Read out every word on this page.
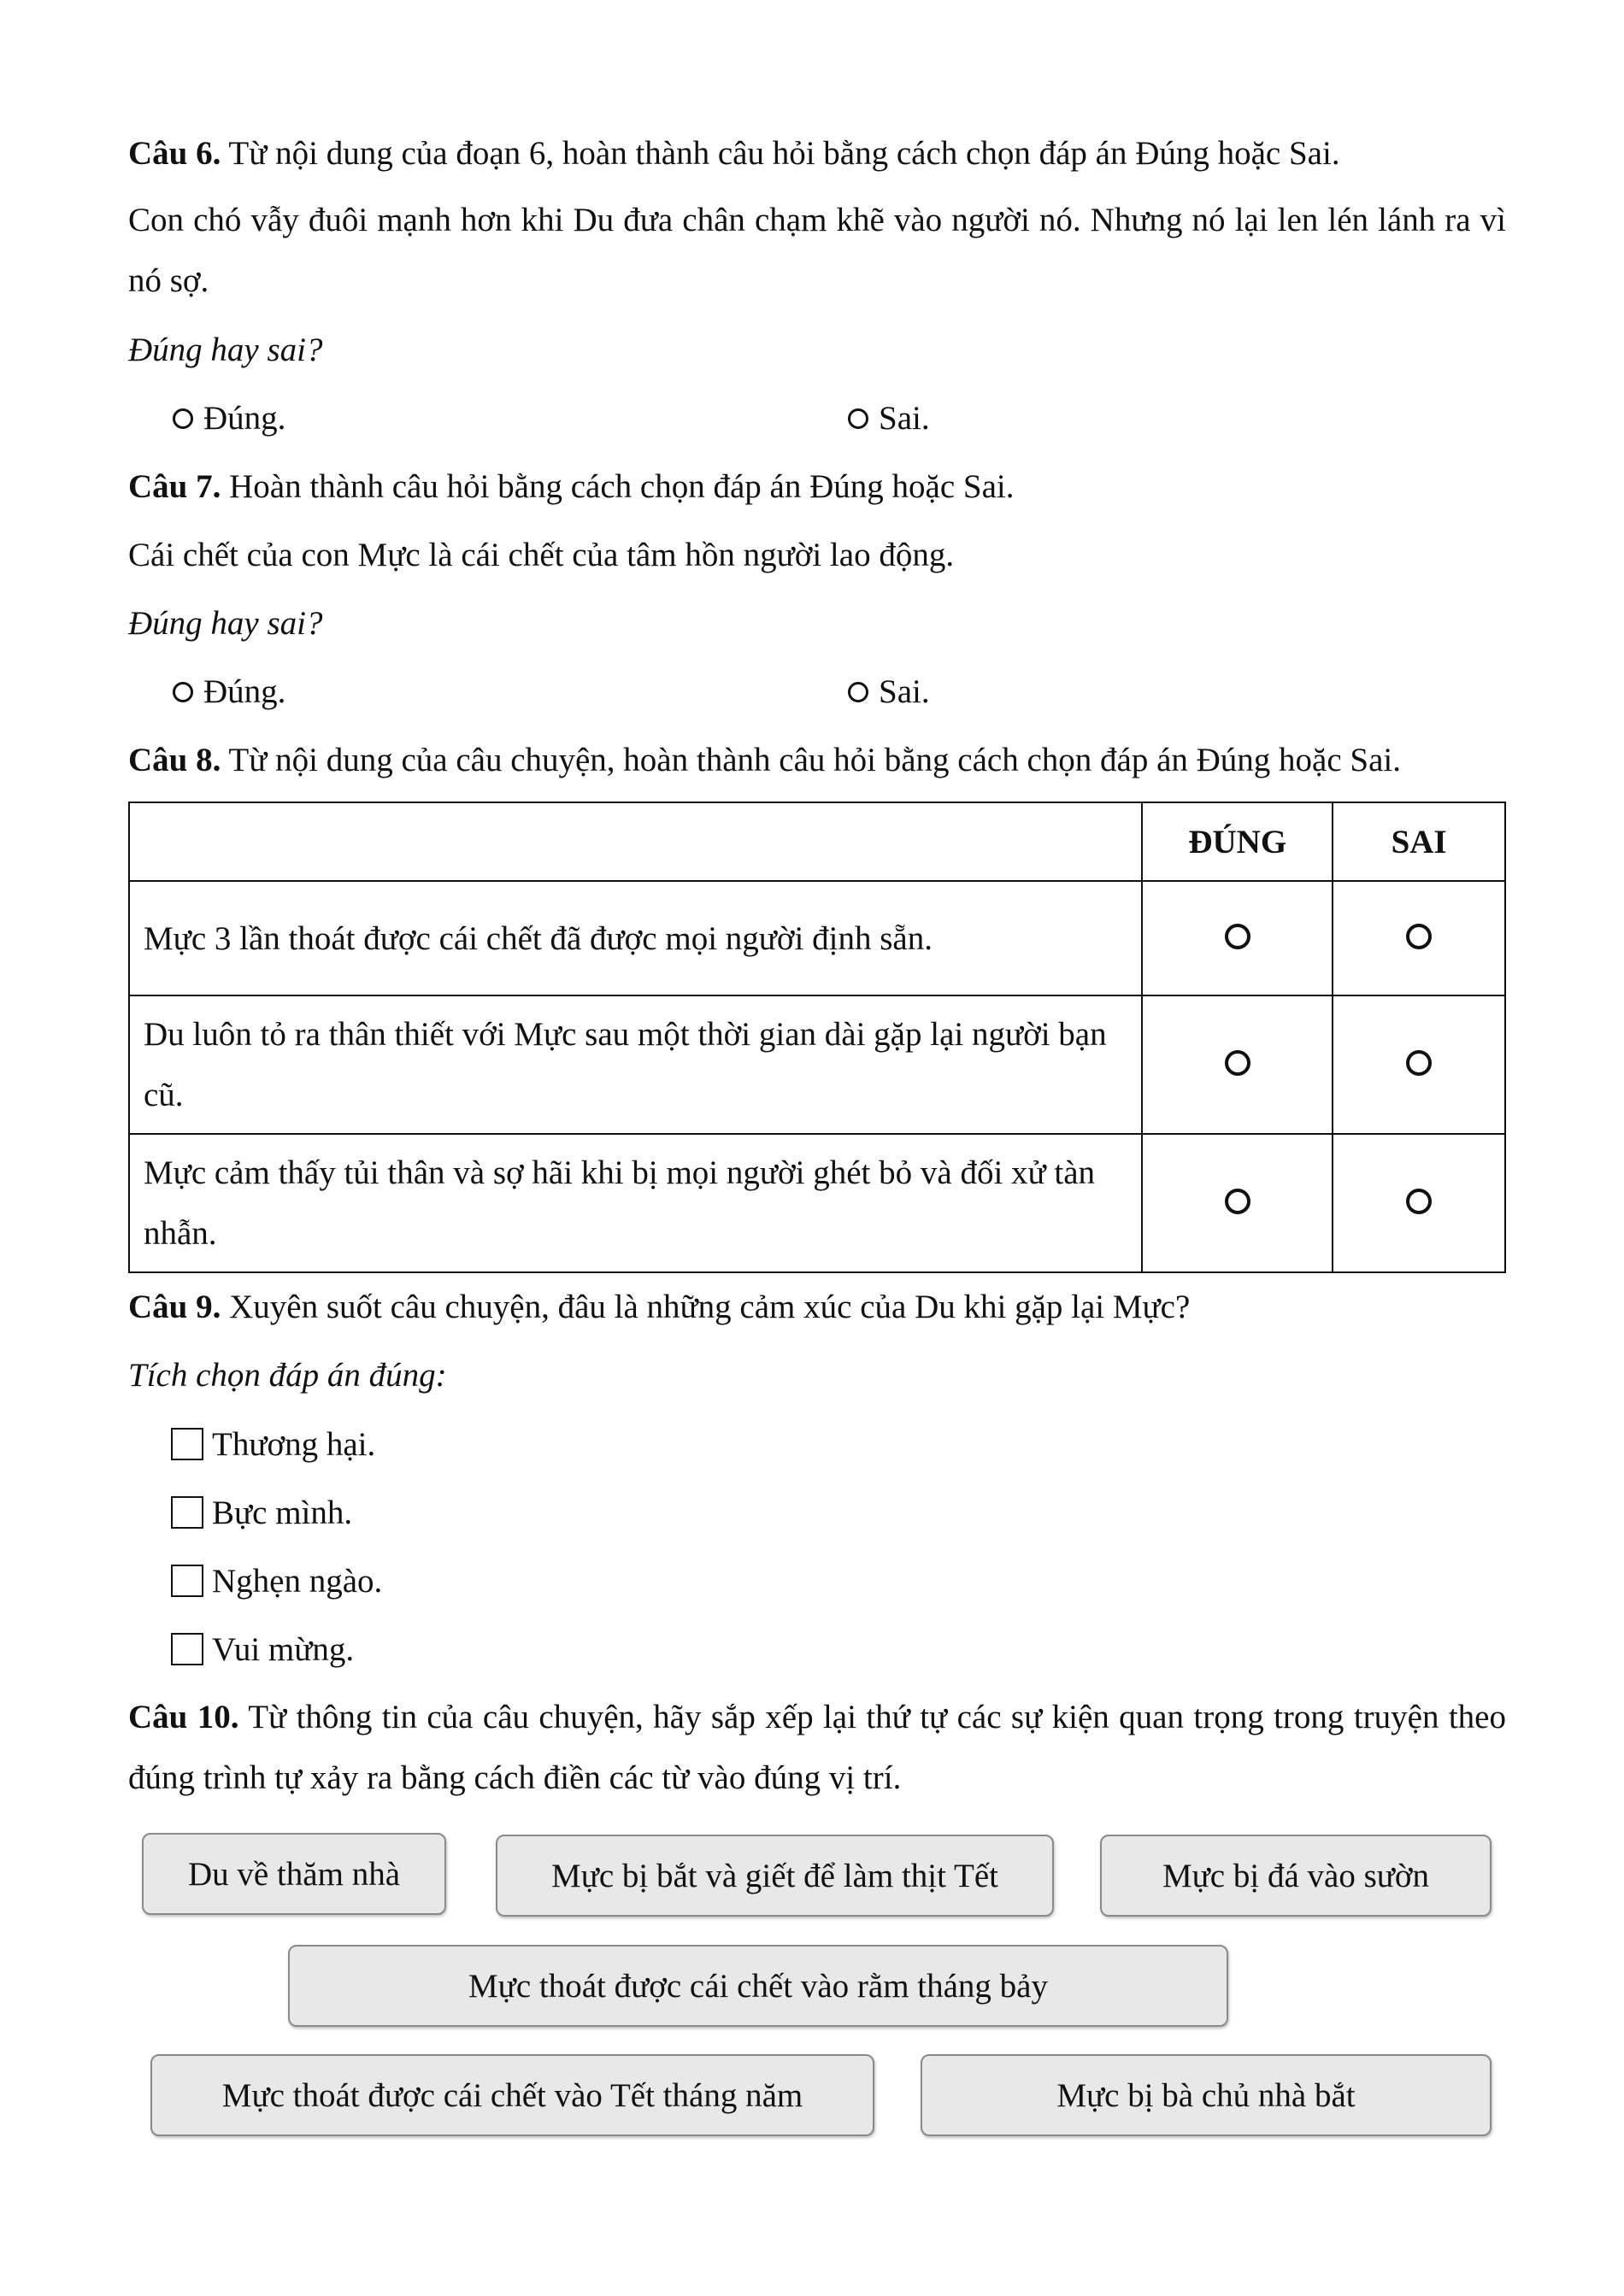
Câu 6. Từ nội dung của đoạn 6, hoàn thành câu hỏi bằng cách chọn đáp án Đúng hoặc Sai.
Con chó vẫy đuôi mạnh hơn khi Du đưa chân chạm khẽ vào người nó. Nhưng nó lại len lén lánh ra vì nó sợ.
Đúng hay sai?
Đúng.	Sai.
Câu 7. Hoàn thành câu hỏi bằng cách chọn đáp án Đúng hoặc Sai.
Cái chết của con Mực là cái chết của tâm hồn người lao động.
Đúng hay sai?
Đúng.	Sai.
Câu 8. Từ nội dung của câu chuyện, hoàn thành câu hỏi bằng cách chọn đáp án Đúng hoặc Sai.
	ĐÚNG	SAI
Mực 3 lần thoát được cái chết đã được mọi người định sẵn.		
Du luôn tỏ ra thân thiết với Mực sau một thời gian dài gặp lại người bạn cũ.		
Mực cảm thấy tủi thân và sợ hãi khi bị mọi người ghét bỏ và đối xử tàn nhẫn.		
Câu 9. Xuyên suốt câu chuyện, đâu là những cảm xúc của Du khi gặp lại Mực?
Tích chọn đáp án đúng:
Thương hại.
Bực mình.
Nghẹn ngào.
Vui mừng.
Câu 10. Từ thông tin của câu chuyện, hãy sắp xếp lại thứ tự các sự kiện quan trọng trong truyện theo đúng trình tự xảy ra bằng cách điền các từ vào đúng vị trí.
Du về thăm nhà	Mực bị bắt và giết để làm thịt Tết	Mực bị đá vào sườn
Mực thoát được cái chết vào rằm tháng bảy
Mực thoát được cái chết vào Tết tháng năm	Mực bị bà chủ nhà bắt
